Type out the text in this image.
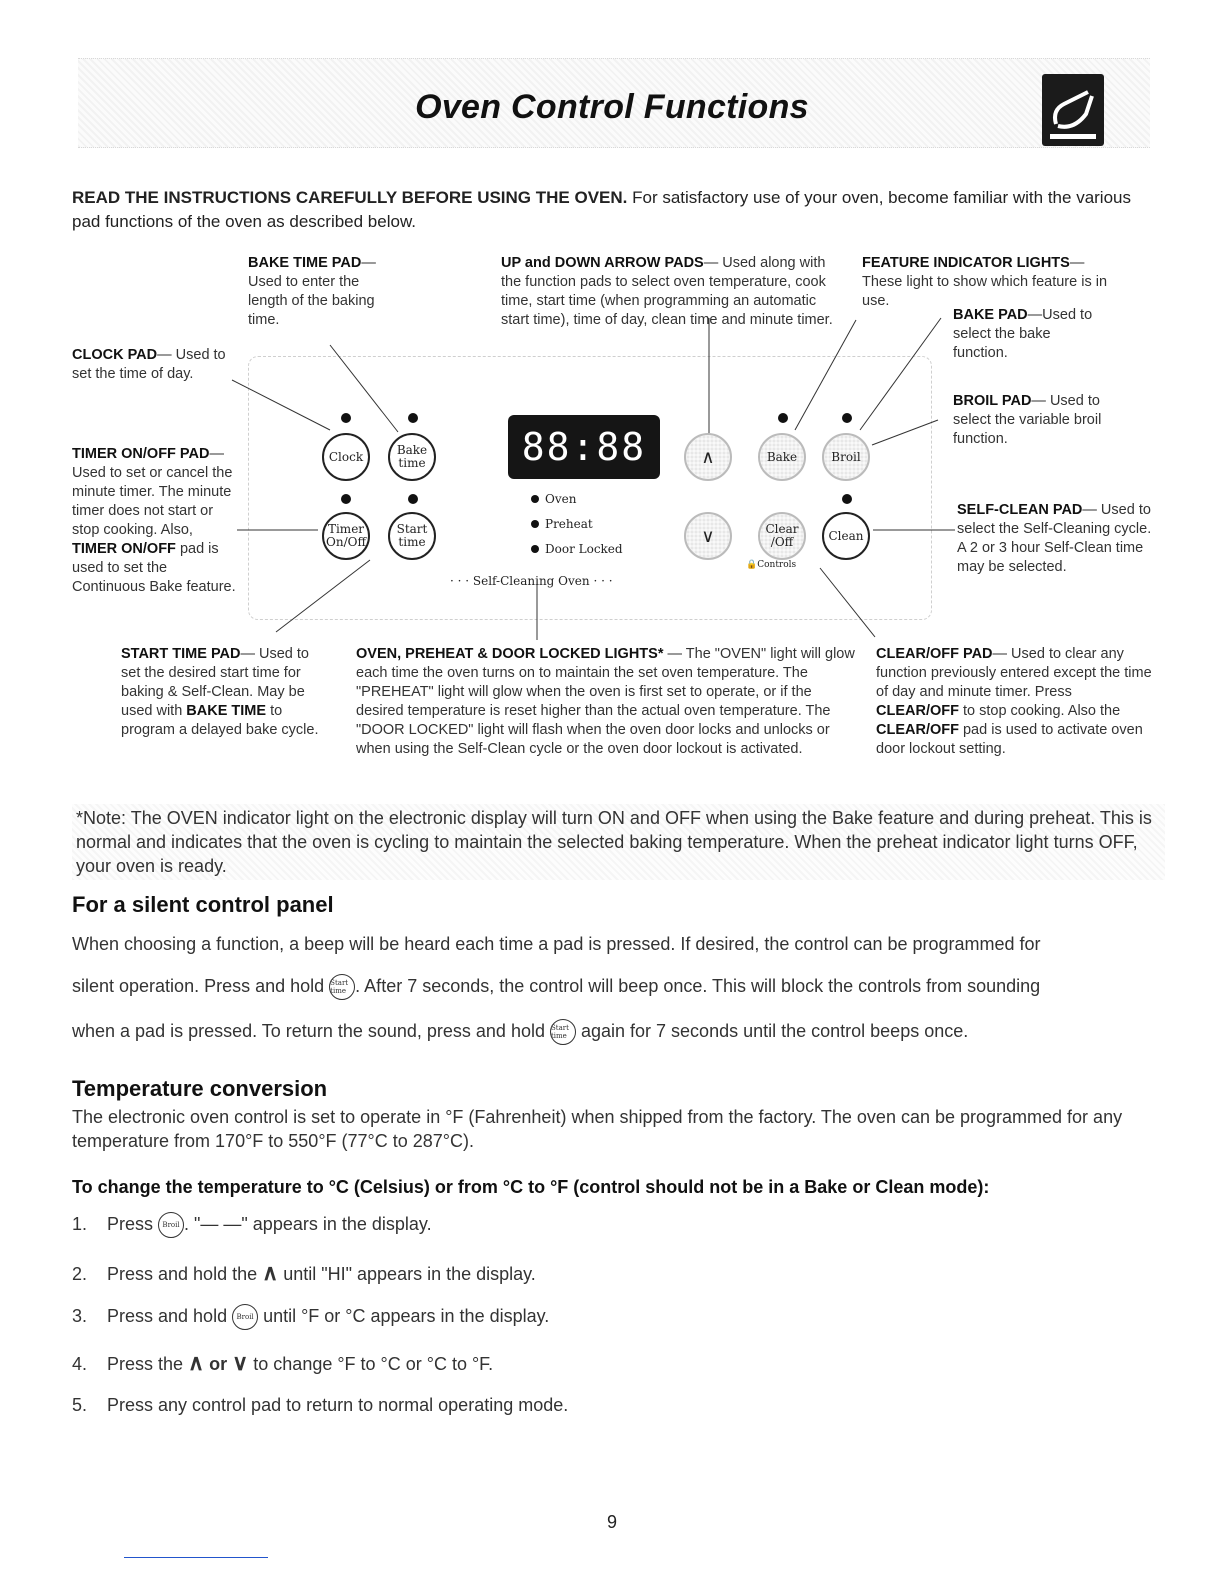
Oven Control Functions
READ THE INSTRUCTIONS CAREFULLY BEFORE USING THE OVEN. For satisfactory use of your oven, become familiar with the various pad functions of the oven as described below.
BAKE TIME PAD— Used to enter the length of the baking time.
UP and DOWN ARROW PADS— Used along with the function pads to select oven temperature, cook time, start time (when programming an automatic start time), time of day, clean time and minute timer.
FEATURE INDICATOR LIGHTS— These light to show which feature is in use.
BAKE PAD—Used to select the bake function.
CLOCK PAD— Used to set the time of day.
BROIL PAD— Used to select the variable broil function.
TIMER ON/OFF PAD— Used to set or cancel the minute timer. The minute timer does not start or stop cooking. Also, TIMER ON/OFF pad is used to set the Continuous Bake feature.
SELF-CLEAN PAD— Used to select the Self-Cleaning cycle. A 2 or 3 hour Self-Clean time may be selected.
START TIME PAD— Used to set the desired start time for baking & Self-Clean. May be used with BAKE TIME to program a delayed bake cycle.
OVEN, PREHEAT & DOOR LOCKED LIGHTS* — The "OVEN" light will glow each time the oven turns on to maintain the set oven temperature. The "PREHEAT" light will glow when the oven is first set to operate, or if the desired temperature is reset higher than the actual oven temperature. The "DOOR LOCKED" light will flash when the oven door locks and unlocks or when using the Self-Clean cycle or the oven door lockout is activated.
CLEAR/OFF PAD— Used to clear any function previously entered except the time of day and minute timer. Press CLEAR/OFF to stop cooking. Also the CLEAR/OFF pad is used to activate oven door lockout setting.
Clock	Bake time
Timer On/Off
Start time
88:88	∧	Bake	Broil
∨	Clear /Off	Clean
Oven
Preheat
Door Locked
· · · Self-Cleaning Oven · · ·
🔒Controls
*Note: The OVEN indicator light on the electronic display will turn ON and OFF when using the Bake feature and during preheat. This is normal and indicates that the oven is cycling to maintain the selected baking temperature. When the preheat indicator light turns OFF, your oven is ready.
For a silent control panel
When choosing a function, a beep will be heard each time a pad is pressed. If desired, the control can be programmed for
silent operation. Press and hold Start time . After 7 seconds, the control will beep once. This will block the controls from sounding
when a pad is pressed. To return the sound, press and hold Start time again for 7 seconds until the control beeps once.
Temperature conversion
The electronic oven control is set to operate in °F (Fahrenheit) when shipped from the factory. The oven can be programmed for any temperature from 170°F to 550°F (77°C to 287°C).
To change the temperature to °C (Celsius) or from °C to °F (control should not be in a Bake or Clean mode):
1. Press Broil . "— —" appears in the display.
2. Press and hold the ∧ until "HI" appears in the display.
3. Press and hold Broil until °F or °C appears in the display.
4. Press the ∧ or ∨ to change °F to °C or °C to °F.
5. Press any control pad to return to normal operating mode.
9
